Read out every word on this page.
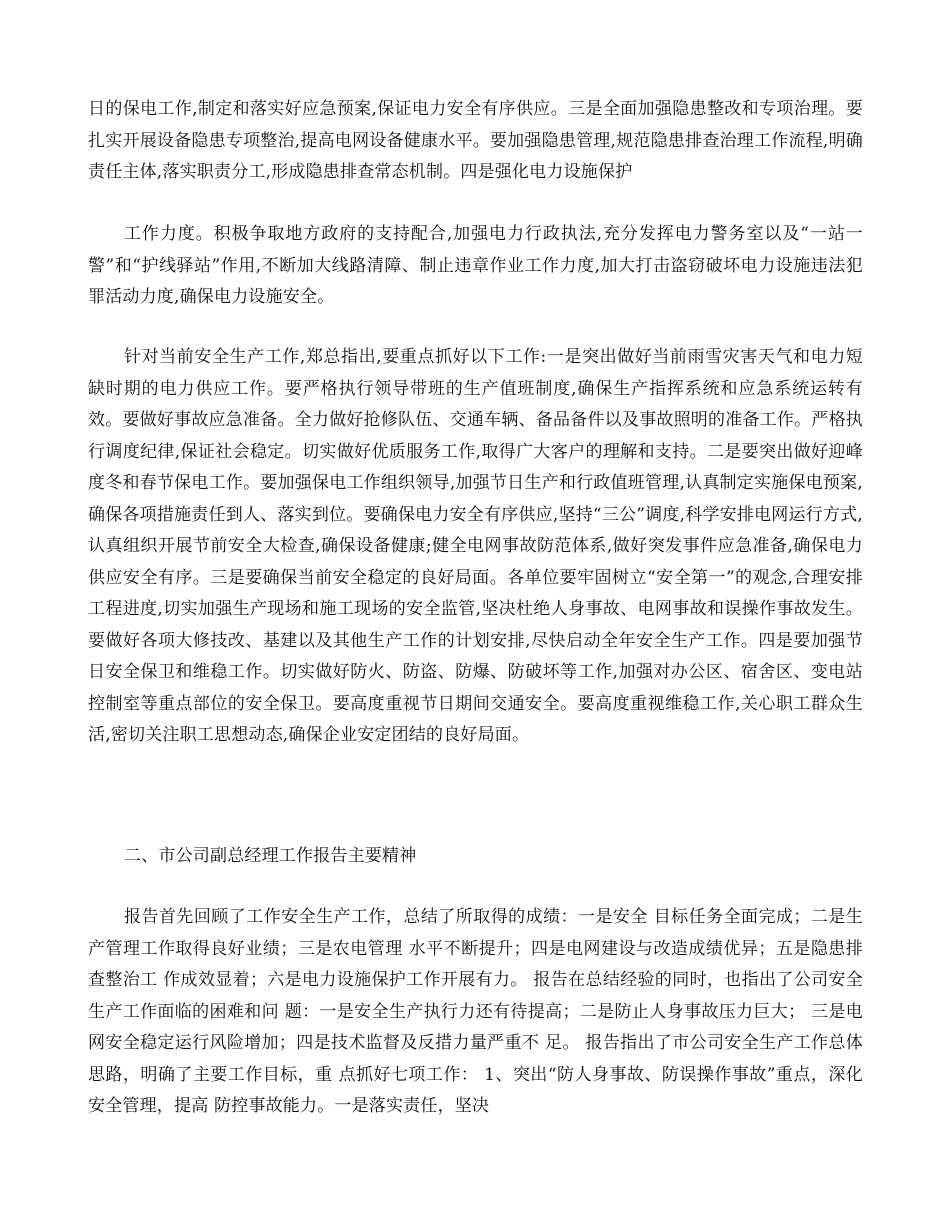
日的保电工作,制定和落实好应急预案,保证电力安全有序供应。三是全面加强隐患整改和专项治理。要扎实开展设备隐患专项整治,提高电网设备健康水平。要加强隐患管理,规范隐患排查治理工作流程,明确责任主体,落实职责分工,形成隐患排查常态机制。四是强化电力设施保护

工作力度。积极争取地方政府的支持配合,加强电力行政执法,充分发挥电力警务室以及“一站一警”和“护线驿站”作用,不断加大线路清障、制止违章作业工作力度,加大打击盗窃破坏电力设施违法犯罪活动力度,确保电力设施安全。

针对当前安全生产工作,郑总指出,要重点抓好以下工作:一是突出做好当前雨雪灾害天气和电力短缺时期的电力供应工作。要严格执行领导带班的生产值班制度,确保生产指挥系统和应急系统运转有效。要做好事故应急准备。全力做好抢修队伍、交通车辆、备品备件以及事故照明的准备工作。严格执行调度纪律,保证社会稳定。切实做好优质服务工作,取得广大客户的理解和支持。二是要突出做好迎峰度冬和春节保电工作。要加强保电工作组织领导,加强节日生产和行政值班管理,认真制定实施保电预案,确保各项措施责任到人、落实到位。要确保电力安全有序供应,坚持“三公”调度,科学安排电网运行方式,认真组织开展节前安全大检查,确保设备健康;健全电网事故防范体系,做好突发事件应急准备,确保电力供应安全有序。三是要确保当前安全稳定的良好局面。各单位要牢固树立“安全第一”的观念,合理安排工程进度,切实加强生产现场和施工现场的安全监管,坚决杜绝人身事故、电网事故和误操作事故发生。要做好各项大修技改、基建以及其他生产工作的计划安排,尽快启动全年安全生产工作。四是要加强节日安全保卫和维稳工作。切实做好防火、防盗、防爆、防破坏等工作,加强对办公区、宿舍区、变电站控制室等重点部位的安全保卫。要高度重视节日期间交通安全。要高度重视维稳工作,关心职工群众生活,密切关注职工思想动态,确保企业安定团结的良好局面。

二、市公司副总经理工作报告主要精神

报告首先回顾了工作安全生产工作，总结了所取得的成绩：一是安全 目标任务全面完成；二是生产管理工作取得良好业绩；三是农电管理 水平不断提升；四是电网建设与改造成绩优异；五是隐患排查整治工 作成效显着；六是电力设施保护工作开展有力。 报告在总结经验的同时，也指出了公司安全生产工作面临的困难和问 题：一是安全生产执行力还有待提高；二是防止人身事故压力巨大； 三是电网安全稳定运行风险增加；四是技术监督及反措力量严重不 足。 报告指出了市公司安全生产工作总体思路，明确了主要工作目标，重 点抓好七项工作： 1、突出“防人身事故、防误操作事故”重点，深化安全管理，提高 防控事故能力。一是落实责任，坚决
